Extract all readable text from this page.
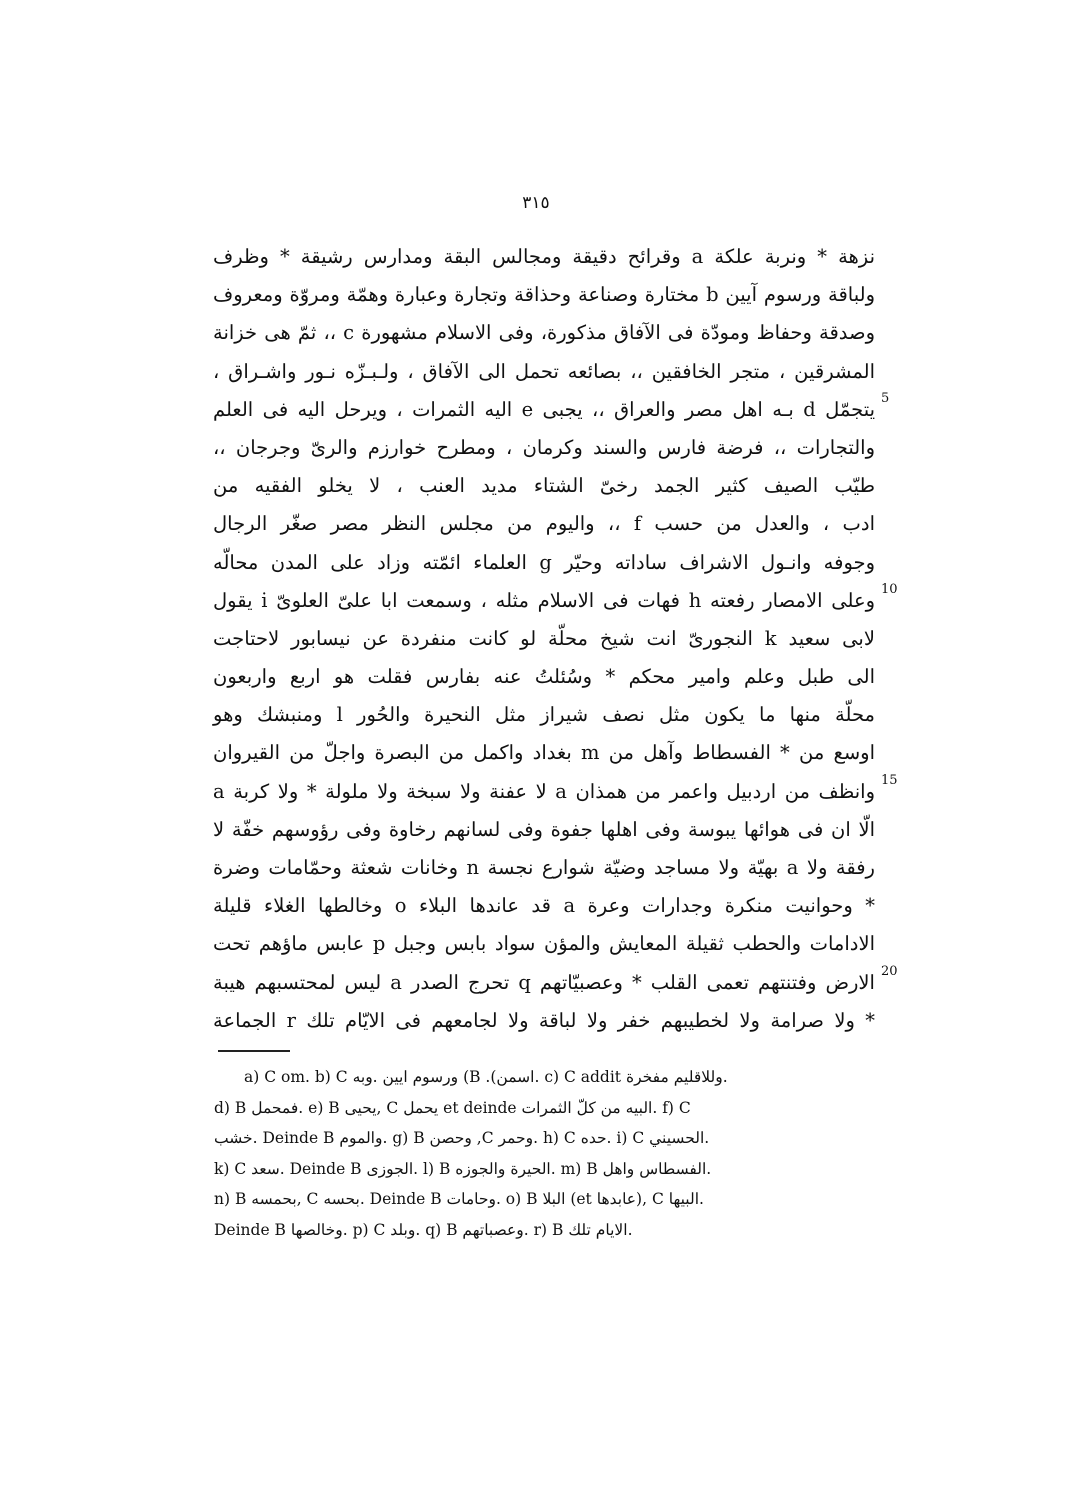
٣١٥
نزهة * ونربة علكة a وقرائح دقيقة ومجالس البقة ومدارس رشيقة * وظرف
ولباقة ورسوم آيين b مختارة وصناعة وحذاقة وتجارة وعبارة وهمّة ومروّة ومعروف
وصدقة وحفاظ ومودّة فى الآفاق مذكورة، وفى الاسلام مشهورة c ،، ثمّ هى خزانة
المشرقين ، متجر الخافقين ،، بصائعه تحمل الى الآفاق ، ولـبـزّه نـور واشـراق ،
يتجمّل d بـه اهل مصر والعراق ،، يجبى e اليه الثمرات ، ويرحل اليه فى العلم
والتجارات ،، فرضة فارس والسند وكرمان ، ومطرح خوارزم والرىّ وجرجان ،،
طيّب الصيف كثير الجمد رخىّ الشتاء مديد العنب ، لا يخلو الفقيه من
ادب ، والعدل من حسب f ،، واليوم من مجلس النظر مصر صغّر الرجال
وجوفه وانـول الاشراف ساداته وحيّر g العلماء ائمّته وزاد على المدن محالّه
وعلى الامصار رفعته h فهات فى الاسلام مثله ، وسمعت ابا علىّ العلوىّ i يقول
لابى سعيد k النجورىّ انت شيخ محلّة لو كانت منفردة عن نيسابور لاحتاجت
الى طبل وعلم وامير محكم * وسُئلتُ عنه بفارس فقلت هو اربع واربعون
محلّة منها ما يكون مثل نصف شيراز مثل النحيرة والحُور l ومنبشك وهو
اوسع من * الفسطاط وآهل من m بغداد واكمل من البصرة واجلّ من القيروان
وانظف من اردبيل واعمر من همذان a لا عفنة ولا سبخة ولا ملولة * ولا كربة a
الّا ان فى هوائها يبوسة وفى اهلها جفوة وفى لسانهم رخاوة وفى رؤوسهم خفّة لا
رفقة ولا a بهيّة ولا مساجد وضيّة شوارع نجسة n وخانات شعثة وحمّامات وضرة
* وحوانيت منكرة وجدارات وعرة a قد عاندها البلاء o وخالطها الغلاء قليلة
الادامات والحطب ثقيلة المعايش والمؤن سواد بابس وجبل p عابس ماؤهم تحت
الارض وفتنتهم تعمى القلب * وعصبيّاتهم q تحرج الصدر a ليس لمحتسبهم هيبة
* ولا صرامة ولا لخطيبهم خفر ولا لباقة ولا لجامعهم فى الايّام تلك r الجماعة
5
10
15
20
a) C om. b) C ورسوم ايين .وبه (B .(اسمن. c) C addit وللاقليم مفخرة.
d) B فمحمل. e) B يحيى, C يحمل et deinde البيه من كلّ الثمرات. f) C
خشب. Deinde B والموم. g) B وحصن ,C وحمر. h) C حده. i) C الحسيني.
k) C سعد. Deinde B الجوزى. l) B الحيرة والجوزه. m) B الفسطاس واهل.
n) B بحمسه, C بحسه. Deinde B وحامات. o) B البلا (et عابدها), C البيها.
Deinde B وخالصها. p) C وبلد. q) B وعصباتهم. r) B الايام تلك.
